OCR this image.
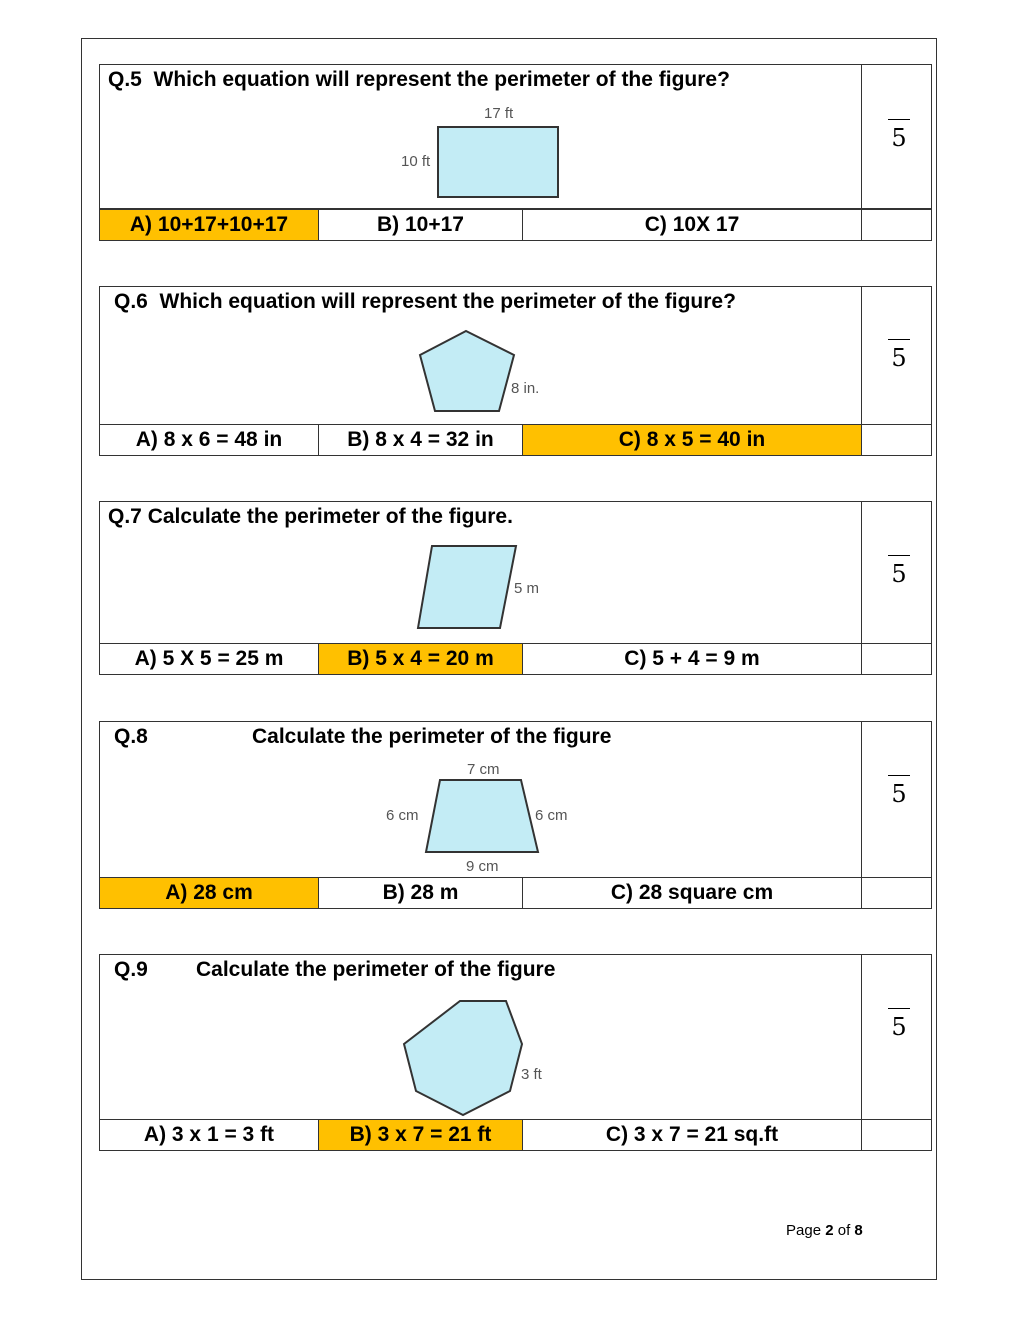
Q.5 Which equation will represent the perimeter of the figure?
17 ft
10 ft
5
A) 10+17+10+17	B) 10+17	C) 10X 17
Q.6 Which equation will represent the perimeter of the figure?
8 in.
5
A) 8 x 6 = 48 in	B) 8 x 4 = 32 in	C) 8 x 5 = 40 in
Q.7 Calculate the perimeter of the figure.
5 m
5
A) 5 X 5 = 25 m	B) 5 x 4 = 20 m	C) 5 + 4 = 9 m
Q.8	Calculate the perimeter of the figure
7 cm
6 cm	6 cm
9 cm
5
A) 28 cm	B) 28 m	C) 28 square cm
Q.9 Calculate the perimeter of the figure
3 ft
5
A) 3 x 1 = 3 ft	B) 3 x 7 = 21 ft	C) 3 x 7 = 21 sq.ft
Page 2 of 8
